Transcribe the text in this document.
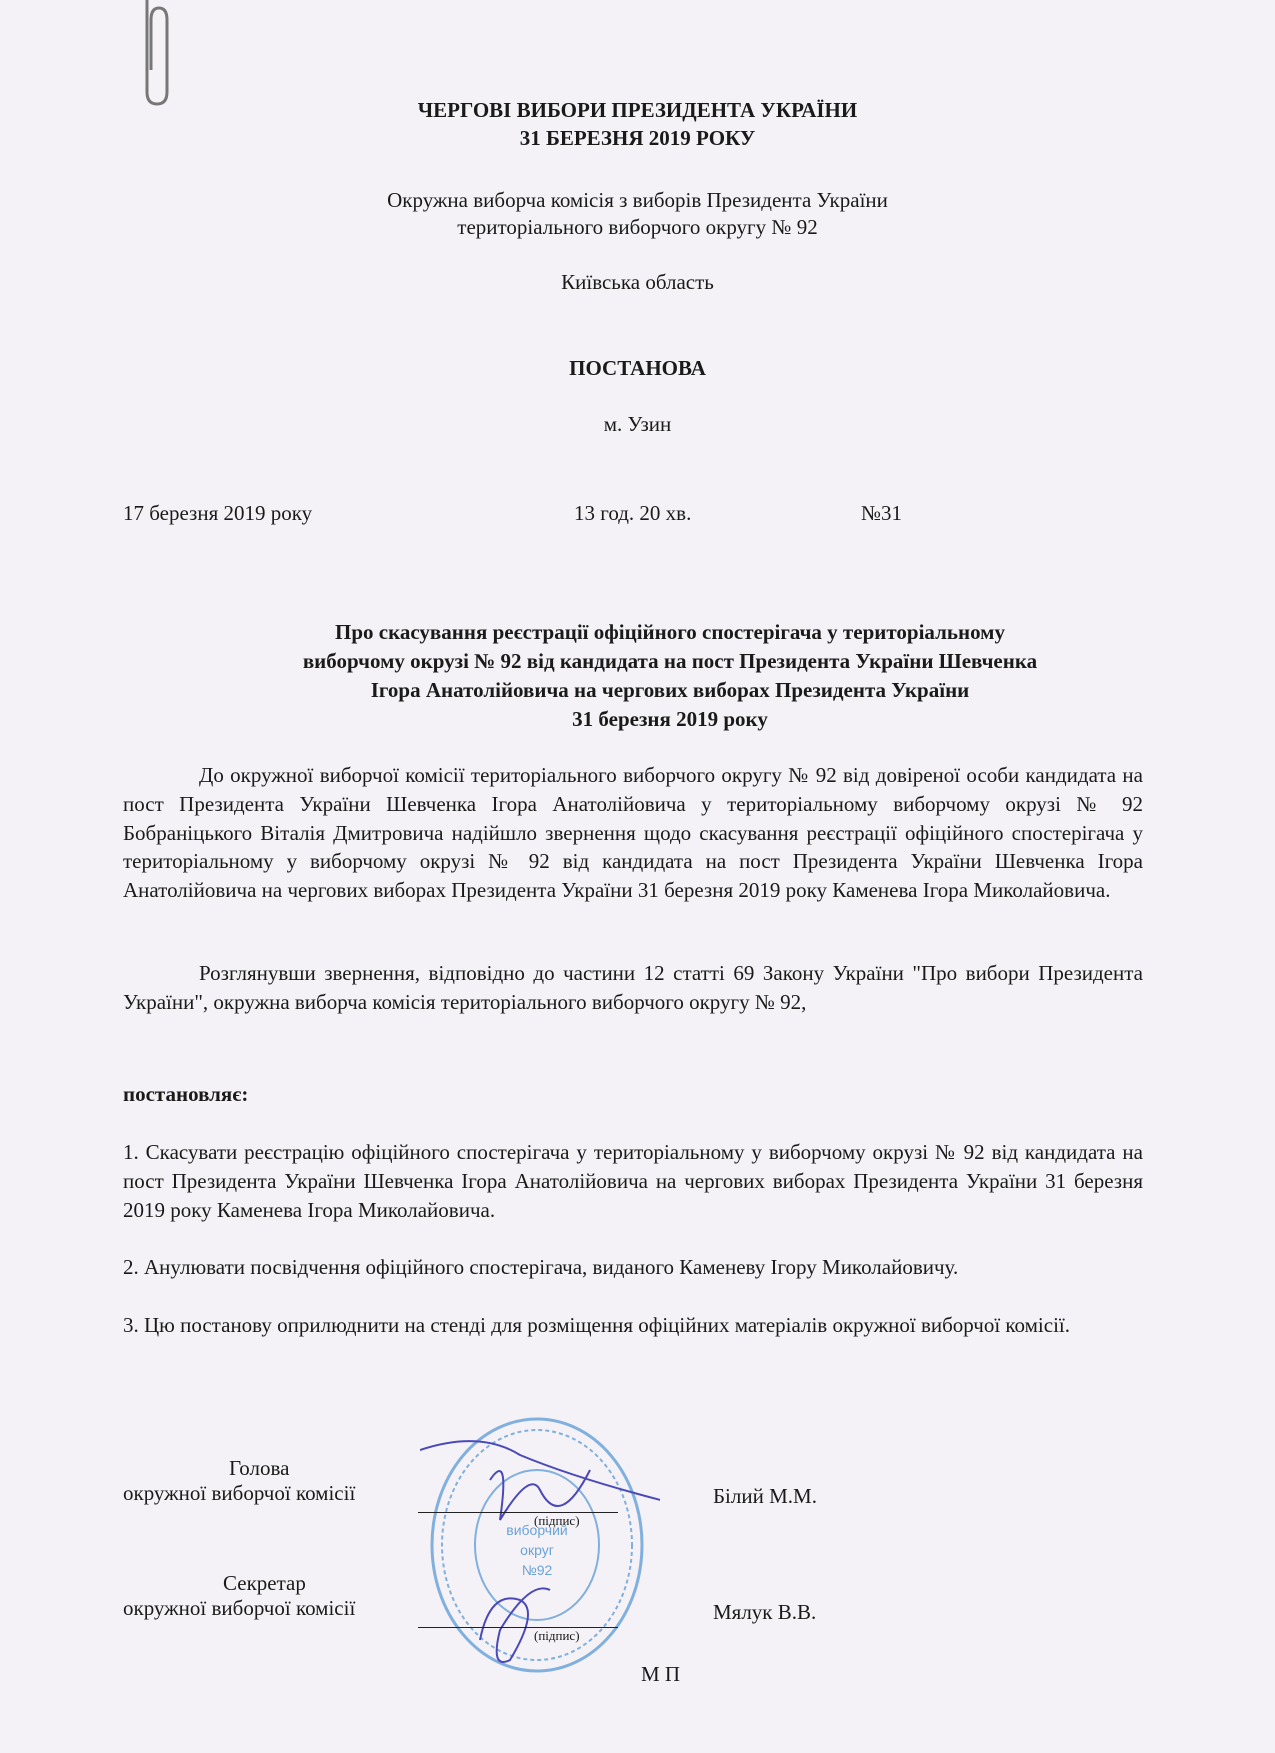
ЧЕРГОВІ ВИБОРИ ПРЕЗИДЕНТА УКРАЇНИ
31 БЕРЕЗНЯ 2019 РОКУ
Окружна виборча комісія з виборів Президента України
територіального виборчого округу № 92
Київська область
ПОСТАНОВА
м. Узин
17 березня 2019 року	13 год. 20 хв.	№31
Про скасування реєстрації офіційного спостерігача у територіальному
виборчому окрузі № 92 від кандидата на пост Президента України Шевченка
Ігора Анатолійовича на чергових виборах Президента України
31 березня 2019 року

До окружної виборчої комісії територіального виборчого округу № 92 від довіреної особи кандидата на пост Президента України Шевченка Ігора Анатолійовича у територіальному виборчому окрузі № 92 Бобраніцького Віталія Дмитровича надійшло звернення щодо скасування реєстрації офіційного спостерігача у територіальному у виборчому окрузі № 92 від кандидата на пост Президента України Шевченка Ігора Анатолійовича на чергових виборах Президента України 31 березня 2019 року Каменева Ігора Миколайовича.

Розглянувши звернення, відповідно до частини 12 статті 69 Закону України "Про вибори Президента України", окружна виборча комісія територіального виборчого округу № 92,

постановляє:

1. Скасувати реєстрацію офіційного спостерігача у територіальному у виборчому окрузі № 92 від кандидата на пост Президента України Шевченка Ігора Анатолійовича на чергових виборах Президента України 31 березня 2019 року Каменева Ігора Миколайовича.

2. Анулювати посвідчення офіційного спостерігача, виданого Каменеву Ігору Миколайовичу.

3. Цю постанову оприлюднити на стенді для розміщення офіційних матеріалів окружної виборчої комісії.

виборчий
округ
№92
Голова
окружної виборчої комісії
(підпис)
Білий М.М.
Секретар
окружної виборчої комісії
(підпис)
Мялук В.В.
М П
